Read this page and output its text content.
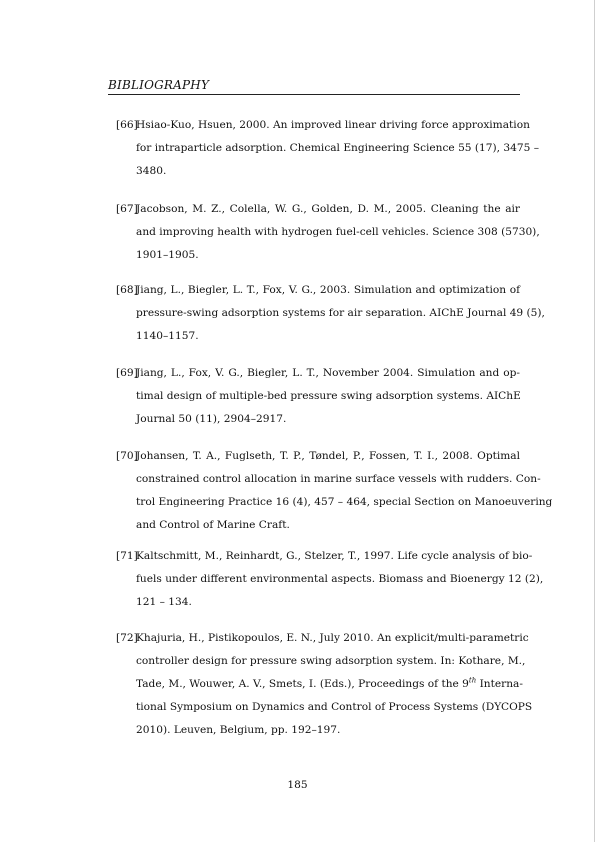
BIBLIOGRAPHY
[66]
Hsiao-Kuo, Hsuen, 2000. An improved linear driving force approximation
for intraparticle adsorption. Chemical Engineering Science 55 (17), 3475 –
3480.
[67]
Jacobson, M. Z., Colella, W. G., Golden, D. M., 2005. Cleaning the air
and improving health with hydrogen fuel-cell vehicles. Science 308 (5730),
1901–1905.
[68]
Jiang, L., Biegler, L. T., Fox, V. G., 2003. Simulation and optimization of
pressure-swing adsorption systems for air separation. AIChE Journal 49 (5),
1140–1157.
[69]
Jiang, L., Fox, V. G., Biegler, L. T., November 2004. Simulation and op-
timal design of multiple-bed pressure swing adsorption systems. AIChE
Journal 50 (11), 2904–2917.
[70]
Johansen, T. A., Fuglseth, T. P., Tøndel, P., Fossen, T. I., 2008. Optimal
constrained control allocation in marine surface vessels with rudders. Con-
trol Engineering Practice 16 (4), 457 – 464, special Section on Manoeuvering
and Control of Marine Craft.
[71]
Kaltschmitt, M., Reinhardt, G., Stelzer, T., 1997. Life cycle analysis of bio-
fuels under different environmental aspects. Biomass and Bioenergy 12 (2),
121 – 134.
[72]
Khajuria, H., Pistikopoulos, E. N., July 2010. An explicit/multi-parametric
controller design for pressure swing adsorption system. In: Kothare, M.,
Tade, M., Wouwer, A. V., Smets, I. (Eds.), Proceedings of the 9th Interna-
tional Symposium on Dynamics and Control of Process Systems (DYCOPS
2010). Leuven, Belgium, pp. 192–197.
185
